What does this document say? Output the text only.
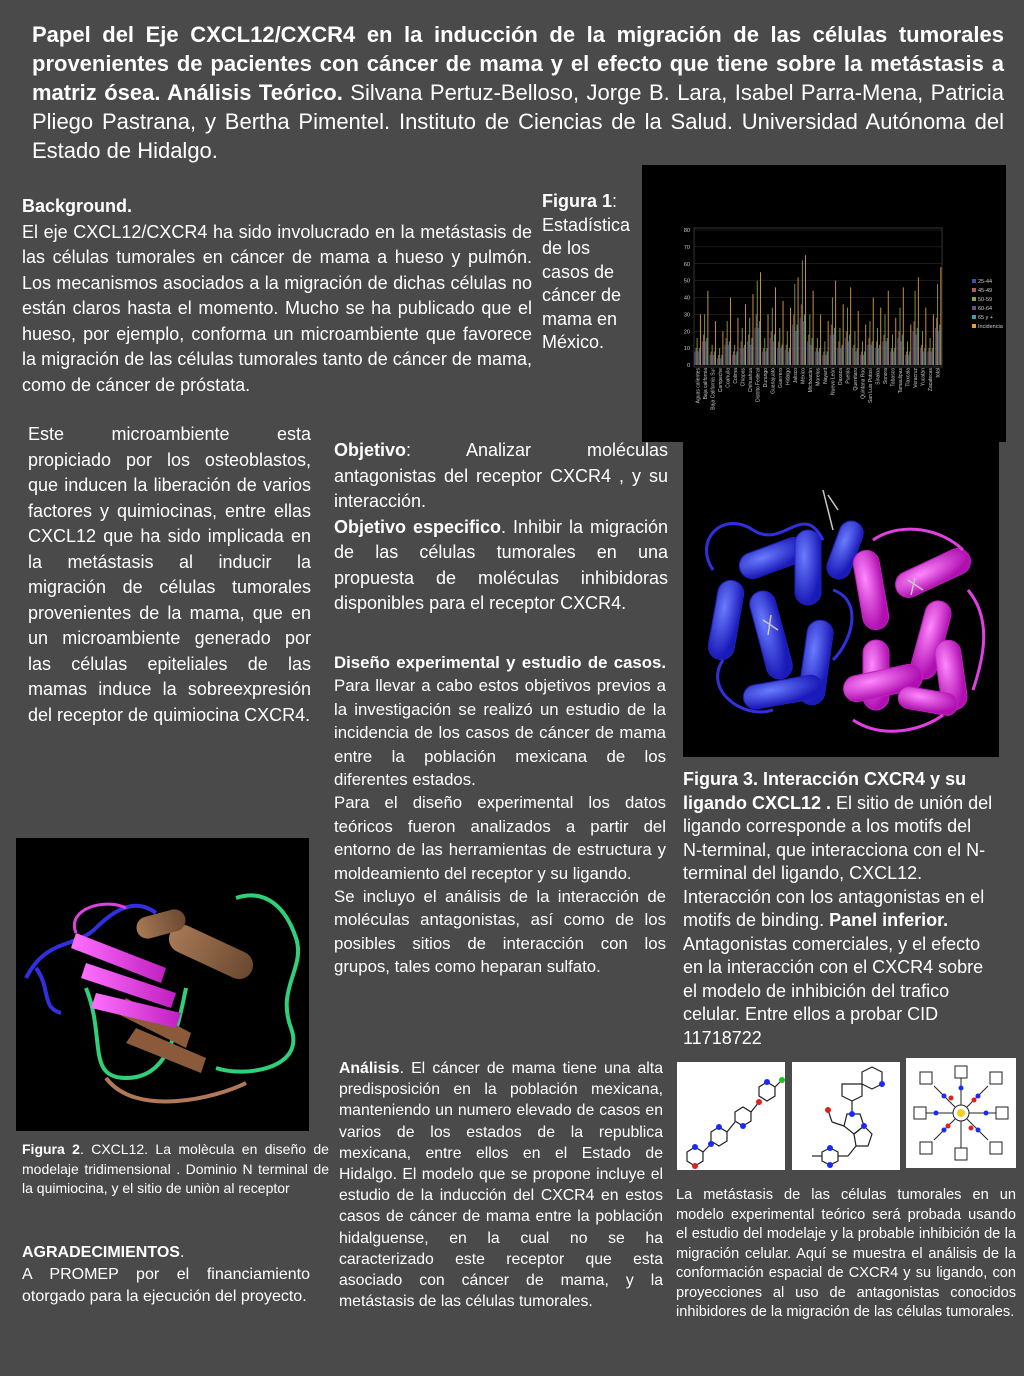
Papel del Eje CXCL12/CXCR4 en la inducción de la migración de las células tumorales provenientes de pacientes con cáncer de mama y el efecto que tiene sobre la metástasis a matriz ósea. Análisis Teórico. Silvana Pertuz-Belloso, Jorge B. Lara, Isabel Parra-Mena, Patricia Pliego Pastrana, y Bertha Pimentel. Instituto de Ciencias de la Salud. Universidad Autónoma del Estado de Hidalgo.
Background.
El eje CXCL12/CXCR4 ha sido involucrado en la metástasis de las células tumorales en cáncer de mama a hueso y pulmón. Los mecanismos asociados a la migración de dichas células no están claros hasta el momento. Mucho se ha publicado que el hueso, por ejemplo, conforma un microambiente que favorece la migración de las células tumorales tanto de cáncer de mama, como de cáncer de próstata.
Este microambiente esta propiciado por los osteoblastos, que inducen la liberación de varios factores y quimiocinas, entre ellas CXCL12 que ha sido implicada en la metástasis al inducir la migración de células tumorales provenientes de la mama, que en un microambiente generado por las células epiteliales de las mamas induce la sobreexpresión del receptor de quimiocina CXCR4.
Figura 1: Estadística de los casos de cáncer de mama en México.
0
10
20
30
40
50
60
70
80
Aguas calientes Baja california Baja California Sur Campeche Coahuila Colima Chiapas Chihuahua Distrito Federal Durango Guanajuato Guerrero Hidalgo Jalisco México Michoacán Morelos Nayarit Nuevo León Oaxaca Puebla Querétaro Quintana Roo San Luis Potosí Sinaloa Sonora Tabasco Tamaulipas Tlaxcala Veracruz Yucatán Zacatecas total
25-44
45-49
50-59
60-64
65 y +
Incidencia
Objetivo: Analizar moléculas antagonistas del receptor CXCR4 , y su interacción.
Objetivo especifico. Inhibir la migración de las células tumorales en una propuesta de moléculas inhibidoras disponibles para el receptor CXCR4.
Diseño experimental y estudio de casos. Para llevar a cabo estos objetivos previos a la investigación se realizó un estudio de la incidencia de los casos de cáncer de mama entre la población mexicana de los diferentes estados.
Para el diseño experimental los datos teóricos fueron analizados a partir del entorno de las herramientas de estructura y moldeamiento del receptor y su ligando.
Se incluyo el análisis de la interacción de moléculas antagonistas, así como de los posibles sitios de interacción con los grupos, tales como heparan sulfato.
Figura 3. Interacción CXCR4 y su ligando CXCL12 . El sitio de unión del ligando corresponde a los motifs del N-terminal, que interacciona con el N-terminal del ligando, CXCL12. Interacción con los antagonistas en el motifs de binding. Panel inferior. Antagonistas comerciales, y el efecto en la interacción con el CXCR4 sobre el modelo de inhibición del trafico celular. Entre ellos a probar CID 11718722
Figura 2. CXCL12. La molècula en diseño de modelaje tridimensional . Dominio N terminal de la quimiocina, y el sitio de uniòn al receptor
AGRADECIMIENTOS.
A PROMEP por el financiamiento otorgado para la ejecución del proyecto.
Análisis. El cáncer de mama tiene una alta predisposición en la población mexicana, manteniendo un numero elevado de casos en varios de los estados de la republica mexicana, entre ellos en el Estado de Hidalgo. El modelo que se propone incluye el estudio de la inducción del CXCR4 en estos casos de cáncer de mama entre la población hidalguense, en la cual no se ha caracterizado este receptor que esta asociado con cáncer de mama, y la metástasis de las células tumorales.
La metástasis de las células tumorales en un modelo experimental teórico será probada usando el estudio del modelaje y la probable inhibición de la migración celular. Aquí se muestra el análisis de la conformación espacial de CXCR4 y su ligando, con proyecciones al uso de antagonistas conocidos inhibidores de la migración de las células tumorales.
